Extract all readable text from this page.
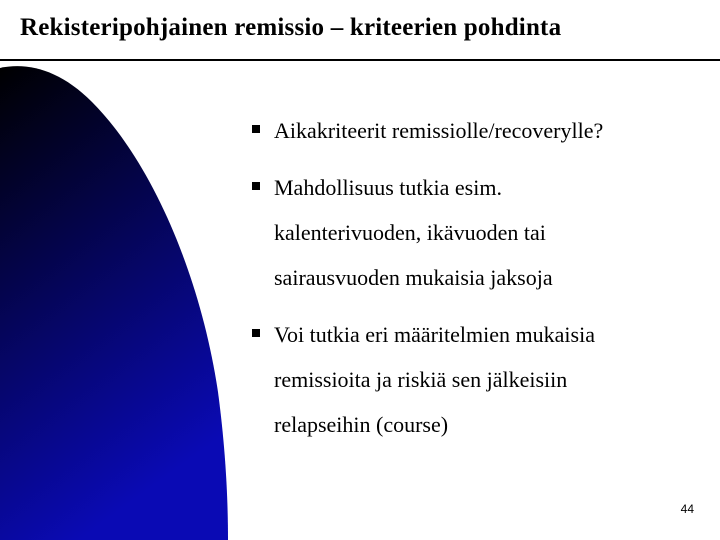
Rekisteripohjainen remissio – kriteerien pohdinta
Aikakriteerit remissiolle/recoverylle?
Mahdollisuus tutkia esim.
kalenterivuoden, ikävuoden tai
sairausvuoden mukaisia jaksoja
Voi tutkia eri määritelmien mukaisia
remissioita ja riskiä sen jälkeisiin
relapseihin (course)
44
